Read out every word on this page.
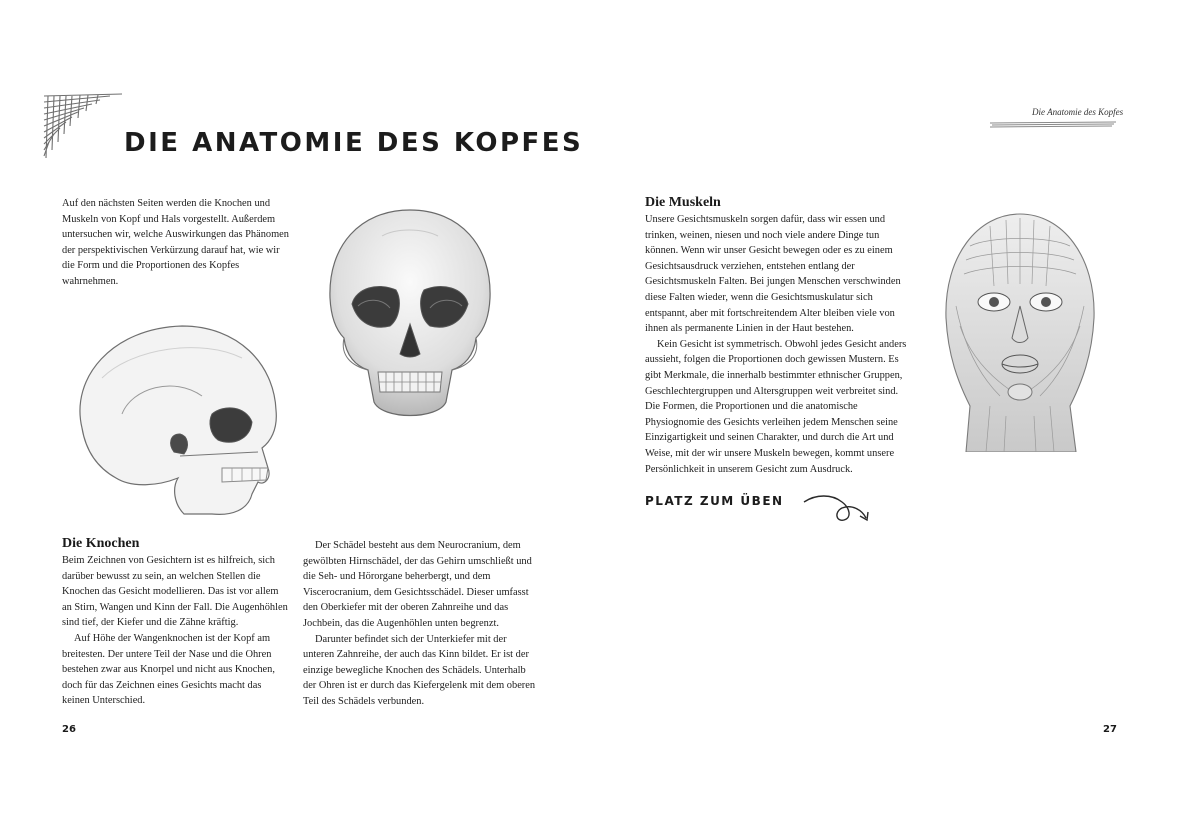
DIE ANATOMIE DES KOPFES
Die Anatomie des Kopfes
Auf den nächsten Seiten werden die Knochen und Muskeln von Kopf und Hals vorgestellt. Außerdem untersuchen wir, welche Auswirkungen das Phänomen der perspektivischen Verkürzung darauf hat, wie wir die Form und die Proportionen des Kopfes wahrnehmen.
Die Knochen

Beim Zeichnen von Gesichtern ist es hilfreich, sich darüber bewusst zu sein, an welchen Stellen die Knochen das Gesicht modellieren. Das ist vor allem an Stirn, Wangen und Kinn der Fall. Die Augenhöhlen sind tief, der Kiefer und die Zähne kräftig.

Auf Höhe der Wangenknochen ist der Kopf am breitesten. Der untere Teil der Nase und die Ohren bestehen zwar aus Knorpel und nicht aus Knochen, doch für das Zeichnen eines Gesichts macht das keinen Unterschied.

Der Schädel besteht aus dem Neurocranium, dem gewölbten Hirnschädel, der das Gehirn umschließt und die Seh- und Hörorgane beherbergt, und dem Viscerocranium, dem Gesichtsschädel. Dieser umfasst den Oberkiefer mit der oberen Zahnreihe und das Jochbein, das die Augenhöhlen unten begrenzt.

Darunter befindet sich der Unterkiefer mit der unteren Zahnreihe, der auch das Kinn bildet. Er ist der einzige bewegliche Knochen des Schädels. Unterhalb der Ohren ist er durch das Kiefergelenk mit dem oberen Teil des Schädels verbunden.

Die Muskeln

Unsere Gesichtsmuskeln sorgen dafür, dass wir essen und trinken, weinen, niesen und noch viele andere Dinge tun können. Wenn wir unser Gesicht bewegen oder es zu einem Gesichtsausdruck verziehen, entstehen entlang der Gesichtsmuskeln Falten. Bei jungen Menschen verschwinden diese Falten wieder, wenn die Gesichtsmuskulatur sich entspannt, aber mit fortschreitendem Alter bleiben viele von ihnen als permanente Linien in der Haut bestehen.

Kein Gesicht ist symmetrisch. Obwohl jedes Gesicht anders aussieht, folgen die Proportionen doch gewissen Mustern. Es gibt Merkmale, die innerhalb bestimmter ethnischer Gruppen, Geschlechtergruppen und Altersgruppen weit verbreitet sind. Die Formen, die Proportionen und die anatomische Physiognomie des Gesichts verleihen jedem Menschen seine Einzigartigkeit und seinen Charakter, und durch die Art und Weise, mit der wir unsere Muskeln bewegen, kommt unsere Persönlichkeit in unserem Gesicht zum Ausdruck.

PLATZ ZUM ÜBEN
26	27
